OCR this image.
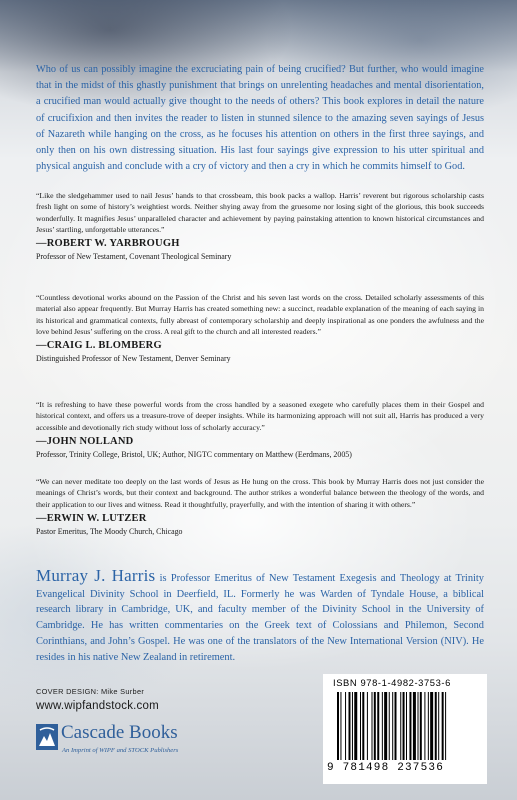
Who of us can possibly imagine the excruciating pain of being crucified? But further, who would imagine that in the midst of this ghastly punishment that brings on unrelenting headaches and mental disorientation, a crucified man would actually give thought to the needs of others? This book explores in detail the nature of crucifixion and then invites the reader to listen in stunned silence to the amazing seven sayings of Jesus of Nazareth while hanging on the cross, as he focuses his attention on others in the first three sayings, and only then on his own distressing situation. His last four sayings give expression to his utter spiritual and physical anguish and conclude with a cry of victory and then a cry in which he commits himself to God.

“Like the sledgehammer used to nail Jesus’ hands to that crossbeam, this book packs a wallop. Harris’ reverent but rigorous scholarship casts fresh light on some of history’s weightiest words. Neither shying away from the gruesome nor losing sight of the glorious, this book succeeds wonderfully. It magnifies Jesus’ unparalleled character and achievement by paying painstaking attention to known historical circumstances and Jesus’ startling, unforgettable utterances.”

—ROBERT W. YARBROUGH

Professor of New Testament, Covenant Theological Seminary

“Countless devotional works abound on the Passion of the Christ and his seven last words on the cross. Detailed scholarly assessments of this material also appear frequently. But Murray Harris has created something new: a succinct, readable explanation of the meaning of each saying in its historical and grammatical contexts, fully abreast of contemporary scholarship and deeply inspirational as one ponders the awfulness and the love behind Jesus’ suffering on the cross. A real gift to the church and all interested readers.”

—CRAIG L. BLOMBERG

Distinguished Professor of New Testament, Denver Seminary

“It is refreshing to have these powerful words from the cross handled by a seasoned exegete who carefully places them in their Gospel and historical context, and offers us a treasure-trove of deeper insights. While its harmonizing approach will not suit all, Harris has produced a very accessible and devotionally rich study without loss of scholarly accuracy.”

—JOHN NOLLAND

Professor, Trinity College, Bristol, UK; Author, NIGTC commentary on Matthew (Eerdmans, 2005)

“We can never meditate too deeply on the last words of Jesus as He hung on the cross. This book by Murray Harris does not just consider the meanings of Christ’s words, but their context and background. The author strikes a wonderful balance between the theology of the words, and their application to our lives and witness. Read it thoughtfully, prayerfully, and with the intention of sharing it with others.”

—ERWIN W. LUTZER

Pastor Emeritus, The Moody Church, Chicago

Murray J. Harris is Professor Emeritus of New Testament Exegesis and Theology at Trinity Evangelical Divinity School in Deerfield, IL. Formerly he was Warden of Tyndale House, a biblical research library in Cambridge, UK, and faculty member of the Divinity School in the University of Cambridge. He has written commentaries on the Greek text of Colossians and Philemon, Second Corinthians, and John’s Gospel. He was one of the translators of the New International Version (NIV). He resides in his native New Zealand in retirement.

COVER DESIGN: Mike Surber
www.wipfandstock.com
Cascade Books
An Imprint of WIPF and STOCK Publishers
ISBN 978-1-4982-3753-6
9 781498 237536
